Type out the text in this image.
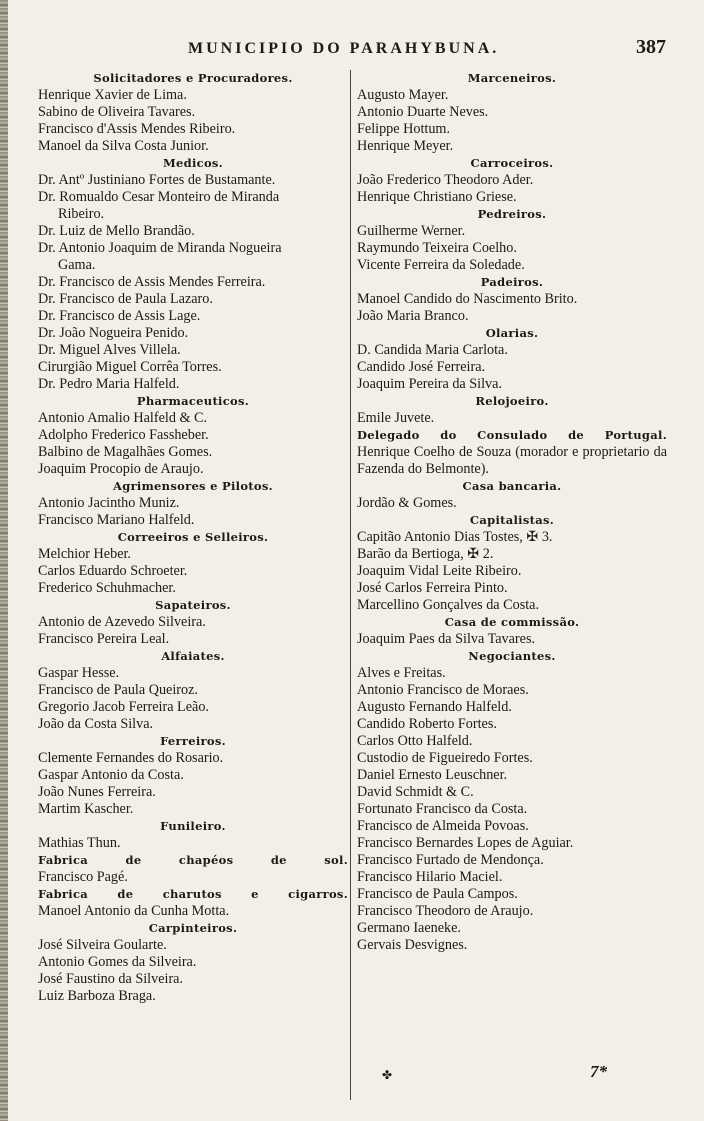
MUNICIPIO DO PARAHYBUNA.	387
Solicitadores e Procuradores.
Henrique Xavier de Lima.
Sabino de Oliveira Tavares.
Francisco d'Assis Mendes Ribeiro.
Manoel da Silva Costa Junior.
Medicos.
Dr. Antº Justiniano Fortes de Bustamante.
Dr. Romualdo Cesar Monteiro de Miranda
Ribeiro.
Dr. Luiz de Mello Brandão.
Dr. Antonio Joaquim de Miranda Nogueira
Gama.
Dr. Francisco de Assis Mendes Ferreira.
Dr. Francisco de Paula Lazaro.
Dr. Francisco de Assis Lage.
Dr. João Nogueira Penido.
Dr. Miguel Alves Villela.
Cirurgião Miguel Corrêa Torres.
Dr. Pedro Maria Halfeld.
Pharmaceuticos.
Antonio Amalio Halfeld & C.
Adolpho Frederico Fassheber.
Balbino de Magalhães Gomes.
Joaquim Procopio de Araujo.
Agrimensores e Pilotos.
Antonio Jacintho Muniz.
Francisco Mariano Halfeld.
Correeiros e Selleiros.
Melchior Heber.
Carlos Eduardo Schroeter.
Frederico Schuhmacher.
Sapateiros.
Antonio de Azevedo Silveira.
Francisco Pereira Leal.
Alfaiates.
Gaspar Hesse.
Francisco de Paula Queiroz.
Gregorio Jacob Ferreira Leão.
João da Costa Silva.
Ferreiros.
Clemente Fernandes do Rosario.
Gaspar Antonio da Costa.
João Nunes Ferreira.
Martim Kascher.
Funileiro.
Mathias Thun.
Fabrica de chapéos de sol.
Francisco Pagé.
Fabrica de charutos e cigarros.
Manoel Antonio da Cunha Motta.
Carpinteiros.
José Silveira Goularte.
Antonio Gomes da Silveira.
José Faustino da Silveira.
Luiz Barboza Braga.
Marceneiros.
Augusto Mayer.
Antonio Duarte Neves.
Felippe Hottum.
Henrique Meyer.
Carroceiros.
João Frederico Theodoro Ader.
Henrique Christiano Griese.
Pedreiros.
Guilherme Werner.
Raymundo Teixeira Coelho.
Vicente Ferreira da Soledade.
Padeiros.
Manoel Candido do Nascimento Brito.
João Maria Branco.
Olarias.
D. Candida Maria Carlota.
Candido José Ferreira.
Joaquim Pereira da Silva.
Relojoeiro.
Emile Juvete.
Delegado do Consulado de Portugal.
Henrique Coelho de Souza (morador e proprietario da Fazenda do Belmonte).
Casa bancaria.
Jordão & Gomes.
Capitalistas.
Capitão Antonio Dias Tostes, ✠ 3.
Barão da Bertioga, ✠ 2.
Joaquim Vidal Leite Ribeiro.
José Carlos Ferreira Pinto.
Marcellino Gonçalves da Costa.
Casa de commissão.
Joaquim Paes da Silva Tavares.
Negociantes.
Alves e Freitas.
Antonio Francisco de Moraes.
Augusto Fernando Halfeld.
Candido Roberto Fortes.
Carlos Otto Halfeld.
Custodio de Figueiredo Fortes.
Daniel Ernesto Leuschner.
David Schmidt & C.
Fortunato Francisco da Costa.
Francisco de Almeida Povoas.
Francisco Bernardes Lopes de Aguiar.
Francisco Furtado de Mendonça.
Francisco Hilario Maciel.
Francisco de Paula Campos.
Francisco Theodoro de Araujo.
Germano Iaeneke.
Gervais Desvignes.
✤	7*
